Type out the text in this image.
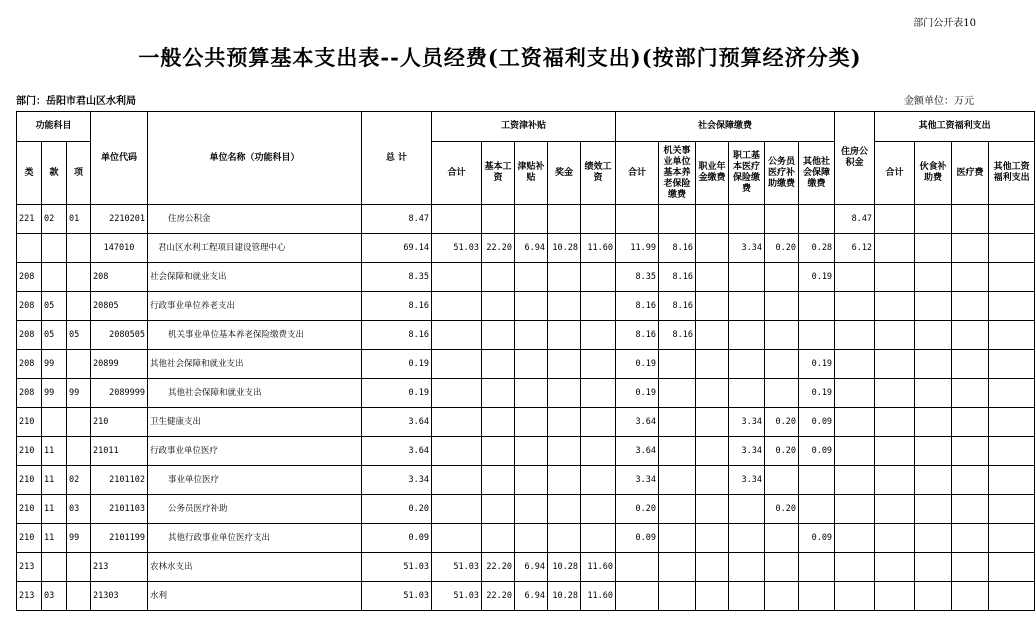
部门公开表10
一般公共预算基本支出表--人员经费(工资福利支出)(按部门预算经济分类)
部门：岳阳市君山区水利局	金额单位：万元
功能科目			单位代码	单位名称（功能科目）	总 计	工资津补贴					社会保障缴费						住房公积金	其他工资福利支出			
类	款	项				合计	基本工资	津贴补贴	奖金	绩效工资	合计	机关事业单位基本养老保险缴费	职业年金缴费	职工基本医疗保险缴费	公务员医疗补助缴费	其他社会保障缴费		合计	伙食补助费	医疗费	其他工资福利支出
221	02	01	2210201	住房公积金	8.47												8.47				
			147010	君山区水利工程项目建设管理中心	69.14	51.03	22.20	6.94	10.28	11.60	11.99	8.16		3.34	0.20	0.28	6.12				
208			208	社会保障和就业支出	8.35						8.35	8.16				0.19					
208	05		20805	行政事业单位养老支出	8.16						8.16	8.16									
208	05	05	2080505	机关事业单位基本养老保险缴费支出	8.16						8.16	8.16									
208	99		20899	其他社会保障和就业支出	0.19						0.19					0.19					
208	99	99	2089999	其他社会保障和就业支出	0.19						0.19					0.19					
210			210	卫生健康支出	3.64						3.64			3.34	0.20	0.09					
210	11		21011	行政事业单位医疗	3.64						3.64			3.34	0.20	0.09					
210	11	02	2101102	事业单位医疗	3.34						3.34			3.34							
210	11	03	2101103	公务员医疗补助	0.20						0.20				0.20						
210	11	99	2101199	其他行政事业单位医疗支出	0.09						0.09					0.09					
213			213	农林水支出	51.03	51.03	22.20	6.94	10.28	11.60											
213	03		21303	水利	51.03	51.03	22.20	6.94	10.28	11.60											
